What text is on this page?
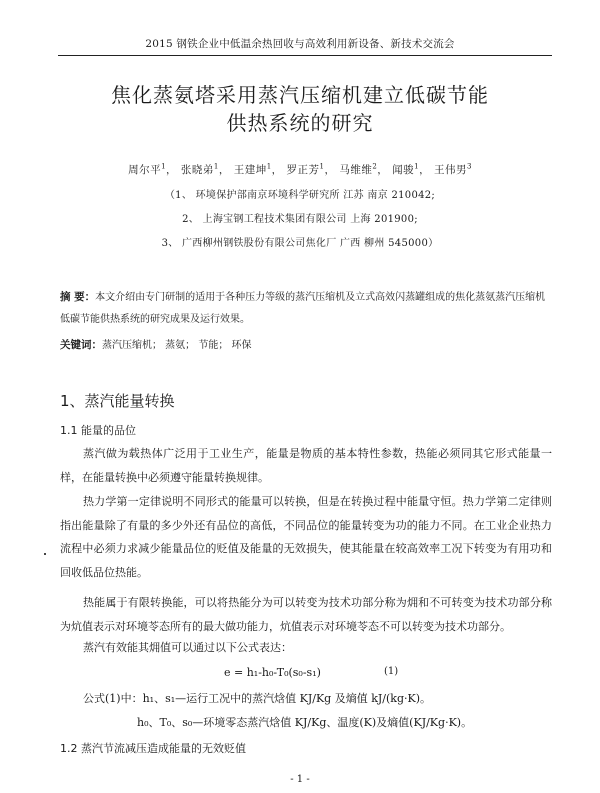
2015 钢铁企业中低温余热回收与高效利用新设备、新技术交流会
焦化蒸氨塔采用蒸汽压缩机建立低碳节能
供热系统的研究
周尔平$^1$， 张晓弟$^1$， 王建坤$^1$， 罗正芳$^1$， 马维维$^2$， 闻骏$^1$， 王伟男$^3$
（1、 环境保护部南京环境科学研究所 江苏 南京 210042;
2、 上海宝钢工程技术集团有限公司 上海 201900;
3、 广西柳州钢铁股份有限公司焦化厂 广西 柳州 545000）
摘 要：本文介绍由专门研制的适用于各种压力等级的蒸汽压缩机及立式高效闪蒸罐组成的焦化蒸氨蒸汽压缩机低碳节能供热系统的研究成果及运行效果。
关键词：蒸汽压缩机； 蒸氨； 节能； 环保
1、蒸汽能量转换
1.1 能量的品位
蒸汽做为载热体广泛用于工业生产，能量是物质的基本特性参数，热能必须同其它形式能量一样，在能量转换中必须遵守能量转换规律。
热力学第一定律说明不同形式的能量可以转换，但是在转换过程中能量守恒。热力学第二定律则指出能量除了有量的多少外还有品位的高低，不同品位的能量转变为功的能力不同。在工业企业热力流程中必须力求减少能量品位的贬值及能量的无效损失，使其能量在较高效率工况下转变为有用功和回收低品位热能。
热能属于有限转换能，可以将热能分为可以转变为技术功部分称为㶲和不可转变为技术功部分称为炕值表示对环境苓态所有的最大做功能力，炕值表示对环境苓态不可以转变为技术功部分。
蒸汽有效能其㶲值可以通过以下公式表达：
e = h₁-h₀-T₀(s₀-s₁)	(1)
公式(1)中：h₁、s₁—运行工况中的蒸汽焓值 KJ/Kg 及熵值 kJ/(kg·K)。
h₀、T₀、s₀—环境零态蒸汽焓值 KJ/Kg、温度(K)及熵值(KJ/Kg·K)。
1.2 蒸汽节流减压造成能量的无效贬值
- 1 -
